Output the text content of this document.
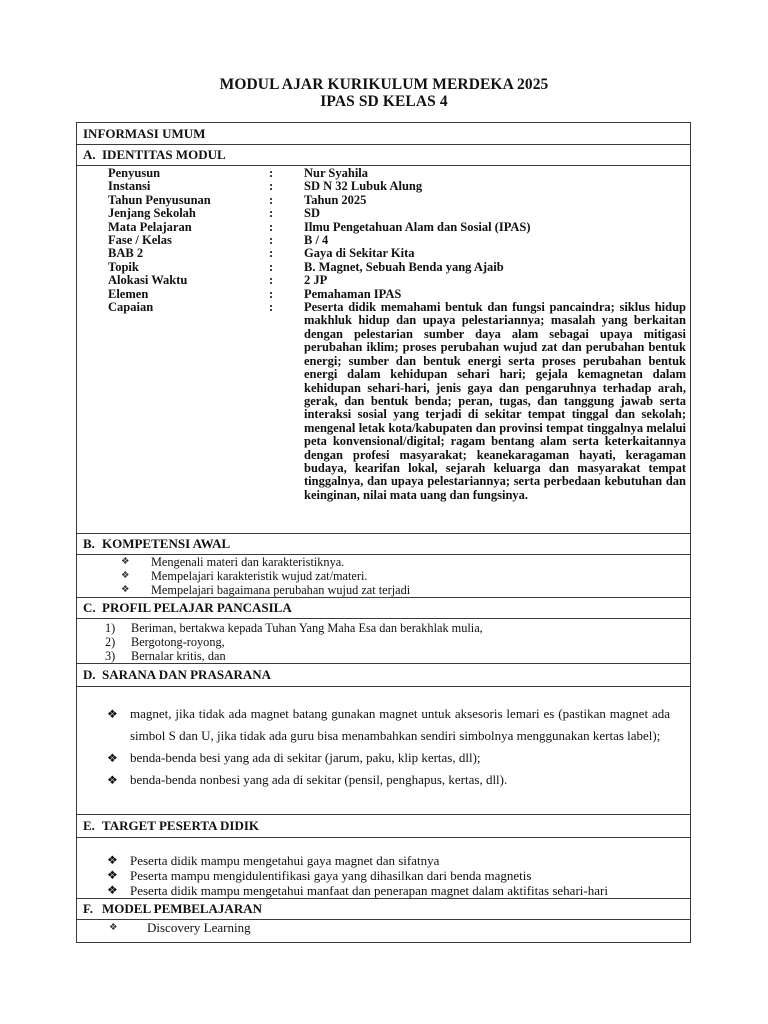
MODUL AJAR KURIKULUM MERDEKA 2025
IPAS SD KELAS 4
INFORMASI UMUM
A. IDENTITAS MODUL
Penyusun	:	Nur Syahila
Instansi	:	SD N 32 Lubuk Alung
Tahun Penyusunan	:	Tahun 2025
Jenjang Sekolah	:	SD
Mata Pelajaran	:	Ilmu Pengetahuan Alam dan Sosial (IPAS)
Fase / Kelas	:	B / 4
BAB 2	:	Gaya di Sekitar Kita
Topik	:	B. Magnet, Sebuah Benda yang Ajaib
Alokasi Waktu	:	2 JP
Elemen	:	Pemahaman IPAS
Capaian	:	Peserta didik memahami bentuk dan fungsi pancaindra; siklus hidup makhluk hidup dan upaya pelestariannya; masalah yang berkaitan dengan pelestarian sumber daya alam sebagai upaya mitigasi perubahan iklim; proses perubahan wujud zat dan perubahan bentuk energi; sumber dan bentuk energi serta proses perubahan bentuk energi dalam kehidupan sehari hari; gejala kemagnetan dalam kehidupan sehari-hari, jenis gaya dan pengaruhnya terhadap arah, gerak, dan bentuk benda; peran, tugas, dan tanggung jawab serta interaksi sosial yang terjadi di sekitar tempat tinggal dan sekolah; mengenal letak kota/kabupaten dan provinsi tempat tinggalnya melalui peta konvensional/digital; ragam bentang alam serta keterkaitannya dengan profesi masyarakat; keanekaragaman hayati, keragaman budaya, kearifan lokal, sejarah keluarga dan masyarakat tempat tinggalnya, dan upaya pelestariannya; serta perbedaan kebutuhan dan keinginan, nilai mata uang dan fungsinya.
B. KOMPETENSI AWAL
❖	Mengenali materi dan karakteristiknya.
❖	Mempelajari karakteristik wujud zat/materi.
❖	Mempelajari bagaimana perubahan wujud zat terjadi
C. PROFIL PELAJAR PANCASILA
1)	Beriman, bertakwa kepada Tuhan Yang Maha Esa dan berakhlak mulia,
2)	Bergotong-royong,
3)	Bernalar kritis, dan
D. SARANA DAN PRASARANA
❖ magnet, jika tidak ada magnet batang gunakan magnet untuk aksesoris lemari es (pastikan magnet ada simbol S dan U, jika tidak ada guru bisa menambahkan sendiri simbolnya menggunakan kertas label);
❖ benda-benda besi yang ada di sekitar (jarum, paku, klip kertas, dll);
❖ benda-benda nonbesi yang ada di sekitar (pensil, penghapus, kertas, dll).
E. TARGET PESERTA DIDIK
❖ Peserta didik mampu mengetahui gaya magnet dan sifatnya
❖ Peserta mampu mengidulentifikasi gaya yang dihasilkan dari benda magnetis
❖ Peserta didik mampu mengetahui manfaat dan penerapan magnet dalam aktifitas sehari-hari
F. MODEL PEMBELAJARAN
❖	Discovery Learning
